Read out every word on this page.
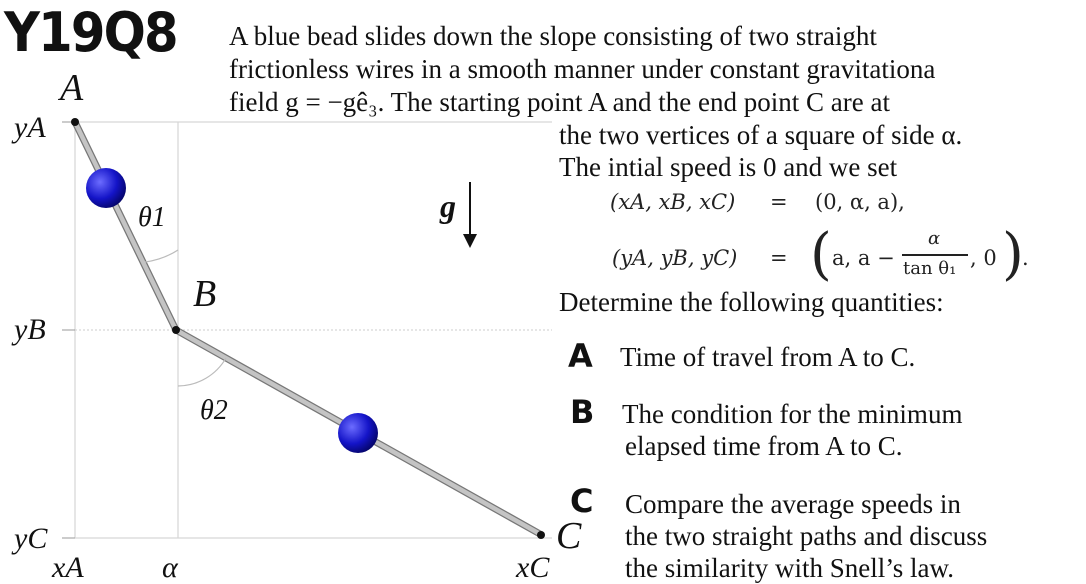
Y19Q8
A
B
C
yA
yB
yC
xA	α	xC
θ1
θ2
g
A blue bead slides down the slope consisting of two straight
frictionless wires in a smooth manner under constant gravitationa
field g = −gê₃. The starting point A and the end point C are at
the two vertices of a square of side α.
The intial speed is 0 and we set
(xA, xB, xC) = (0, α, a),
(yA, yB, yC) = ( a, a −
α
tan θ₁ , 0 )
.
Determine the following quantities:
A Time of travel from A to C.
B The condition for the minimum
elapsed time from A to C.
C Compare the average speeds in
the two straight paths and discuss
the similarity with Snell’s law.
